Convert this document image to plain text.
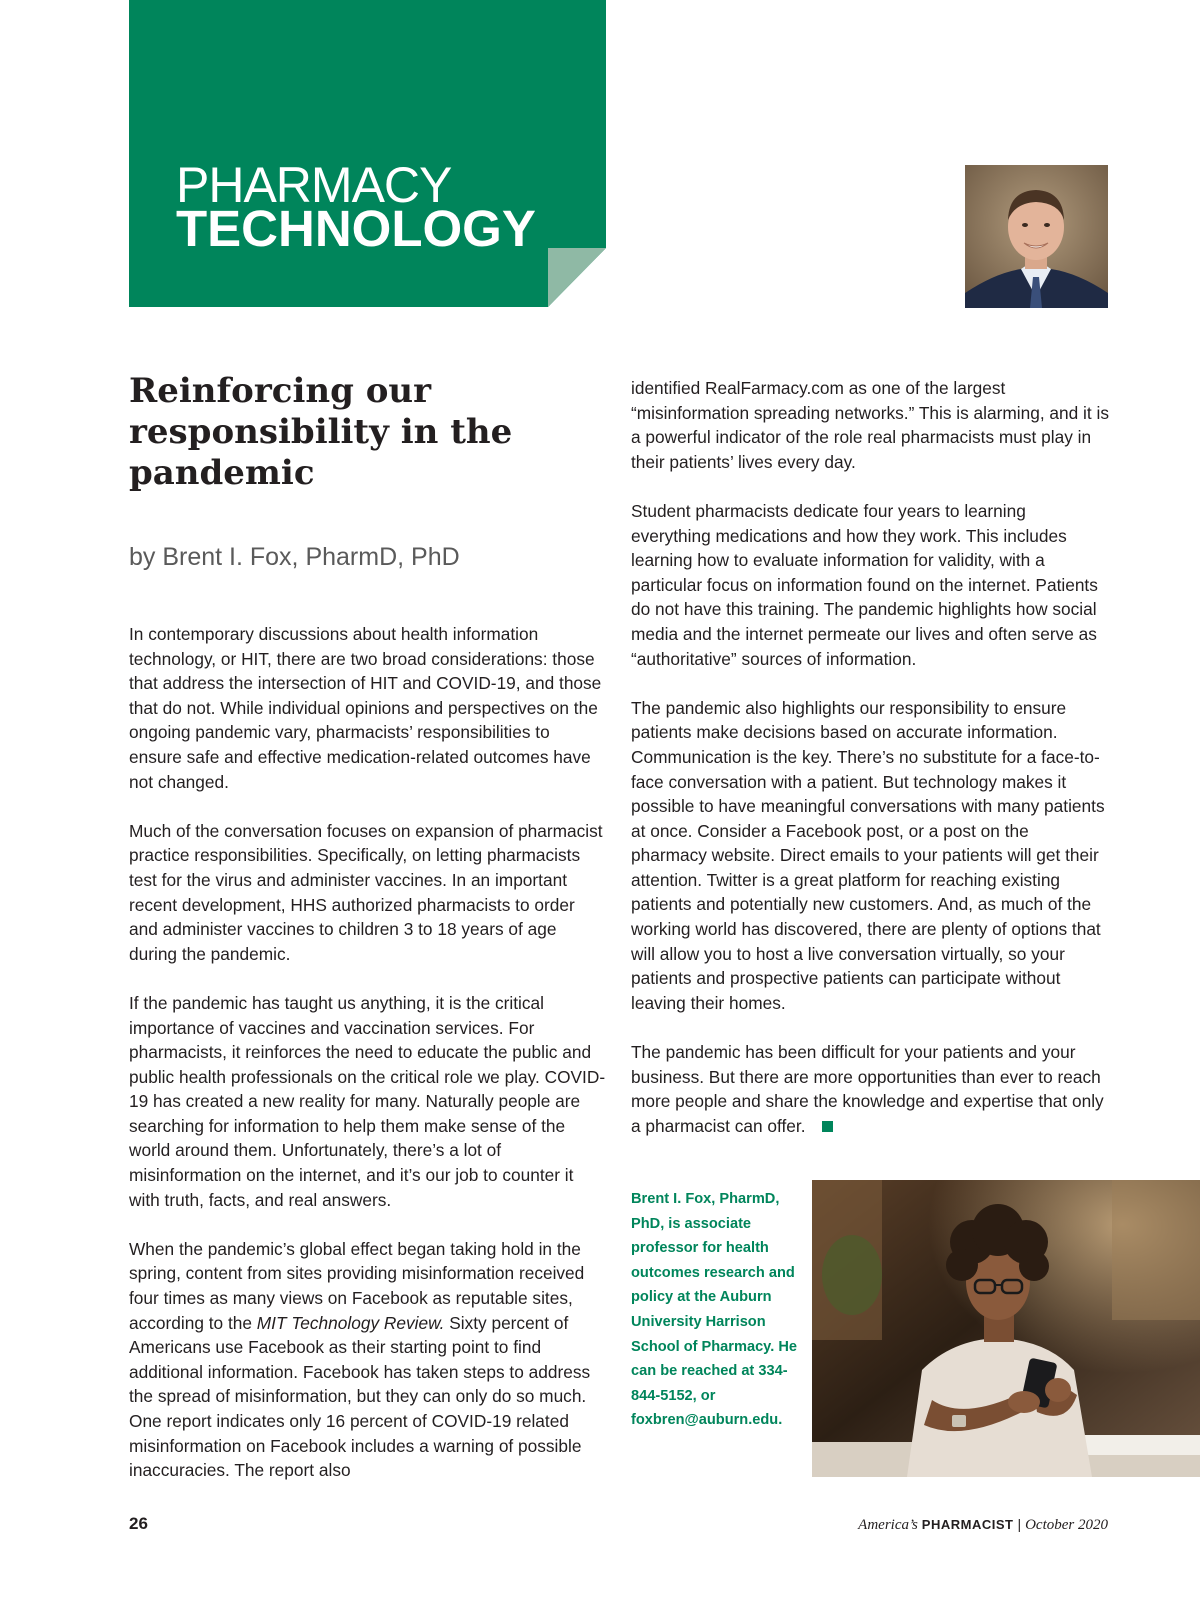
PHARMACY
TECHNOLOGY
Reinforcing our responsibility in the pandemic

by Brent I. Fox, PharmD, PhD

In contemporary discussions about health information technology, or HIT, there are two broad considerations: those that address the intersection of HIT and COVID-19, and those that do not. While individual opinions and perspectives on the ongoing pandemic vary, pharmacists’ responsibilities to ensure safe and effective medication-related outcomes have not changed.

Much of the conversation focuses on expansion of pharmacist practice responsibilities. Specifically, on letting pharmacists test for the virus and administer vaccines. In an important recent development, HHS authorized pharmacists to order and administer vaccines to children 3 to 18 years of age during the pandemic.

If the pandemic has taught us anything, it is the critical importance of vaccines and vaccination services. For pharmacists, it reinforces the need to educate the public and public health professionals on the critical role we play. COVID-19 has created a new reality for many. Naturally people are searching for information to help them make sense of the world around them. Unfortunately, there’s a lot of misinformation on the internet, and it’s our job to counter it with truth, facts, and real answers.

When the pandemic’s global effect began taking hold in the spring, content from sites providing misinformation received four times as many views on Facebook as reputable sites, according to the MIT Technology Review. Sixty percent of Americans use Facebook as their starting point to find additional information. Facebook has taken steps to address the spread of misinformation, but they can only do so much. One report indicates only 16 percent of COVID-19 related misinformation on Facebook includes a warning of possible inaccuracies. The report also

identified RealFarmacy.com as one of the largest “misinformation spreading networks.” This is alarming, and it is a powerful indicator of the role real pharmacists must play in their patients’ lives every day.

Student pharmacists dedicate four years to learning everything medications and how they work. This includes learning how to evaluate information for validity, with a particular focus on information found on the internet. Patients do not have this training. The pandemic highlights how social media and the internet permeate our lives and often serve as “authoritative” sources of information.

The pandemic also highlights our responsibility to ensure patients make decisions based on accurate information. Communication is the key. There’s no substitute for a face-to-face conversation with a patient. But technology makes it possible to have meaningful conversations with many patients at once. Consider a Facebook post, or a post on the pharmacy website. Direct emails to your patients will get their attention. Twitter is a great platform for reaching existing patients and potentially new customers. And, as much of the working world has discovered, there are plenty of options that will allow you to host a live conversation virtually, so your patients and prospective patients can participate without leaving their homes.

The pandemic has been difficult for your patients and your business. But there are more opportunities than ever to reach more people and share the knowledge and expertise that only a pharmacist can offer.

Brent I. Fox, PharmD, PhD, is associate professor for health outcomes research and policy at the Auburn University Harrison School of Pharmacy. He can be reached at 334-844-5152, or foxbren@auburn.edu.

26	America’s PHARMACIST | October 2020
